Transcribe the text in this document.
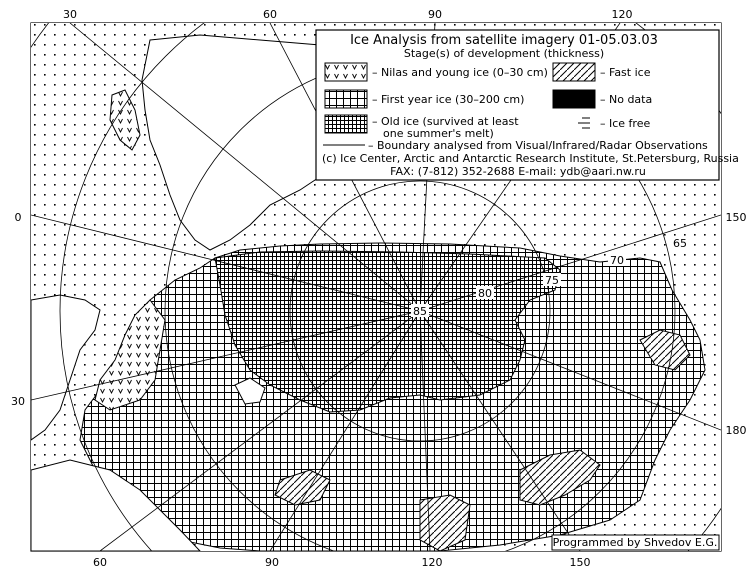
30	60	90	120
60	90	120	150
0
30
150
180
85
80
75
70
65
Ice Analysis from satellite imagery 01-05.03.03
Stage(s) of development (thickness)
– Nilas and young ice (0–30 cm)	– Fast ice
– First year ice (30–200 cm)	– No data
– Old ice (survived at least
one summer's melt)
– Ice free
– Boundary analysed from Visual/Infrared/Radar Observations
(c) Ice Center, Arctic and Antarctic Research Institute, St.Petersburg, Russia
FAX: (7-812) 352-2688 E-mail: ydb@aari.nw.ru
Programmed by Shvedov E.G.
